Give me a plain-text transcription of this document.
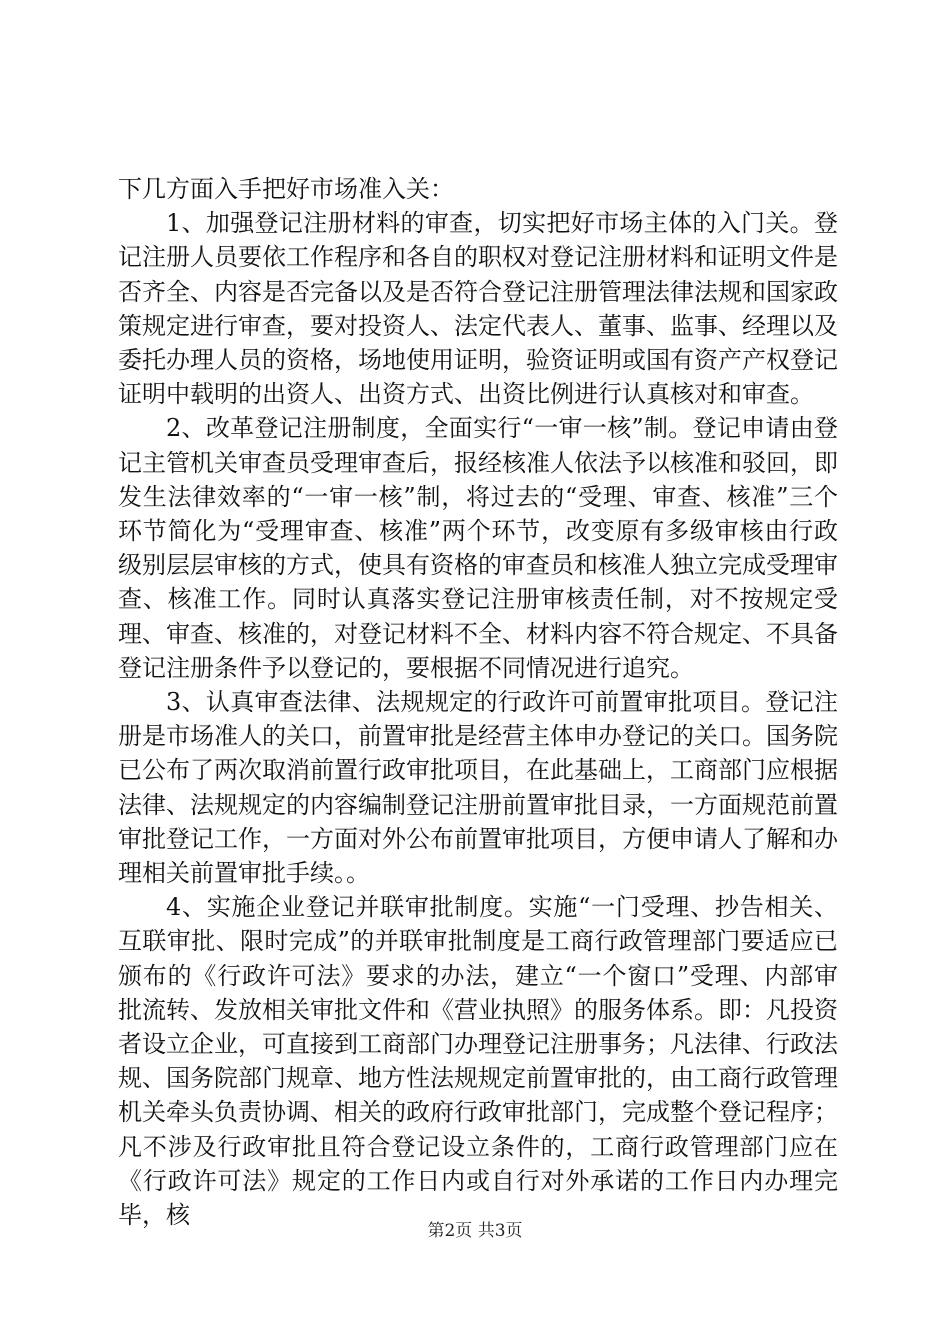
下几方面入手把好市场准入关：

1、加强登记注册材料的审查，切实把好市场主体的入门关。登记注册人员要依工作程序和各自的职权对登记注册材料和证明文件是否齐全、内容是否完备以及是否符合登记注册管理法律法规和国家政策规定进行审查，要对投资人、法定代表人、董事、监事、经理以及委托办理人员的资格，场地使用证明，验资证明或国有资产产权登记证明中载明的出资人、出资方式、出资比例进行认真核对和审查。

2、改革登记注册制度，全面实行“一审一核”制。登记申请由登记主管机关审查员受理审查后，报经核准人依法予以核准和驳回，即发生法律效率的“一审一核”制，将过去的“受理、审查、核准”三个环节简化为“受理审查、核准”两个环节，改变原有多级审核由行政级别层层审核的方式，使具有资格的审查员和核准人独立完成受理审查、核准工作。同时认真落实登记注册审核责任制，对不按规定受理、审查、核准的，对登记材料不全、材料内容不符合规定、不具备登记注册条件予以登记的，要根据不同情况进行追究。

3、认真审查法律、法规规定的行政许可前置审批项目。登记注册是市场准人的关口，前置审批是经营主体申办登记的关口。国务院已公布了两次取消前置行政审批项目，在此基础上，工商部门应根据法律、法规规定的内容编制登记注册前置审批目录，一方面规范前置审批登记工作，一方面对外公布前置审批项目，方便申请人了解和办理相关前置审批手续。。

4、实施企业登记并联审批制度。实施“一门受理、抄告相关、互联审批、限时完成”的并联审批制度是工商行政管理部门要适应已颁布的《行政许可法》要求的办法，建立“一个窗口”受理、内部审批流转、发放相关审批文件和《营业执照》的服务体系。即：凡投资者设立企业，可直接到工商部门办理登记注册事务；凡法律、行政法规、国务院部门规章、地方性法规规定前置审批的，由工商行政管理机关牵头负责协调、相关的政府行政审批部门，完成整个登记程序；凡不涉及行政审批且符合登记设立条件的，工商行政管理部门应在《行政许可法》规定的工作日内或自行对外承诺的工作日内办理完毕，核

第2页 共3页
